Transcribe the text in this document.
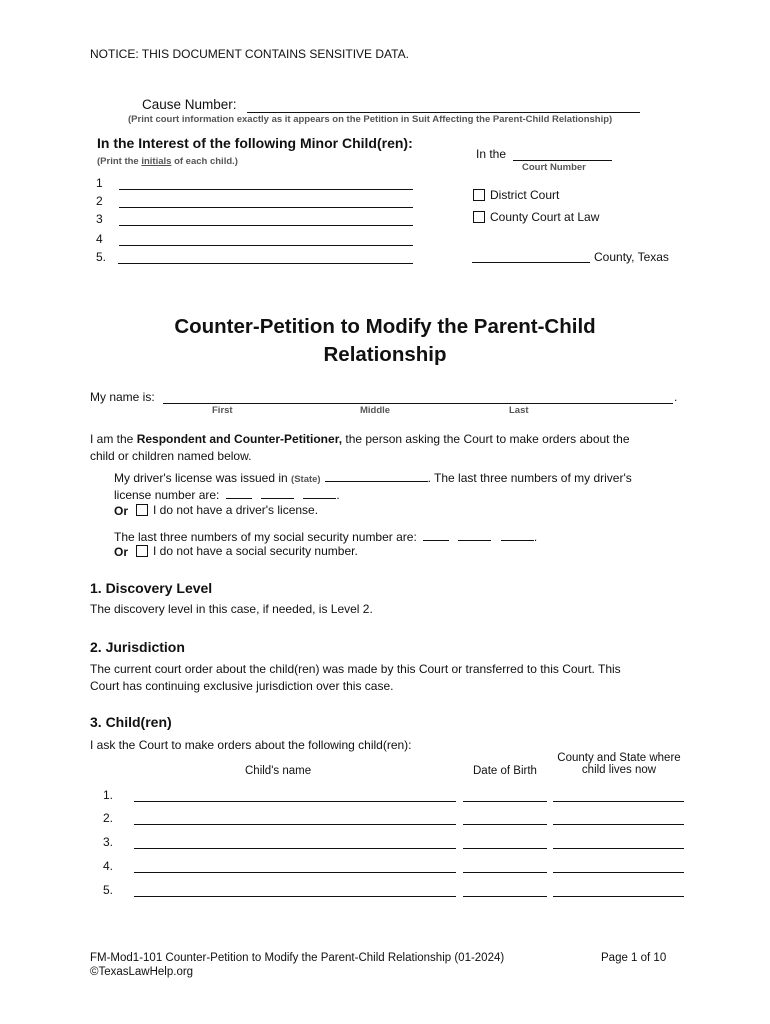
NOTICE: THIS DOCUMENT CONTAINS SENSITIVE DATA.
Cause Number:
(Print court information exactly as it appears on the Petition in Suit Affecting the Parent-Child Relationship)
In the Interest of the following Minor Child(ren):
(Print the initials of each child.)
1
2
3
4
5.
In the
Court Number
District Court
County Court at Law
County, Texas
Counter-Petition to Modify the Parent-Child
Relationship
My name is:	.
First	Middle	Last
I am the Respondent and Counter-Petitioner, the person asking the Court to make orders about the
child or children named below.
My driver's license was issued in (State)	. The last three numbers of my driver's
license number are:	.
Or I do not have a driver's license.
The last three numbers of my social security number are:	.
Or I do not have a social security number.
1. Discovery Level
The discovery level in this case, if needed, is Level 2.
2. Jurisdiction
The current court order about the child(ren) was made by this Court or transferred to this Court. This
Court has continuing exclusive jurisdiction over this case.
3. Child(ren)
I ask the Court to make orders about the following child(ren):
Child's name	Date of Birth
County and State where
child lives now
1.
2.
3.
4.
5.
FM-Mod1-101 Counter-Petition to Modify the Parent-Child Relationship (01-2024)
©TexasLawHelp.org
Page 1 of 10
